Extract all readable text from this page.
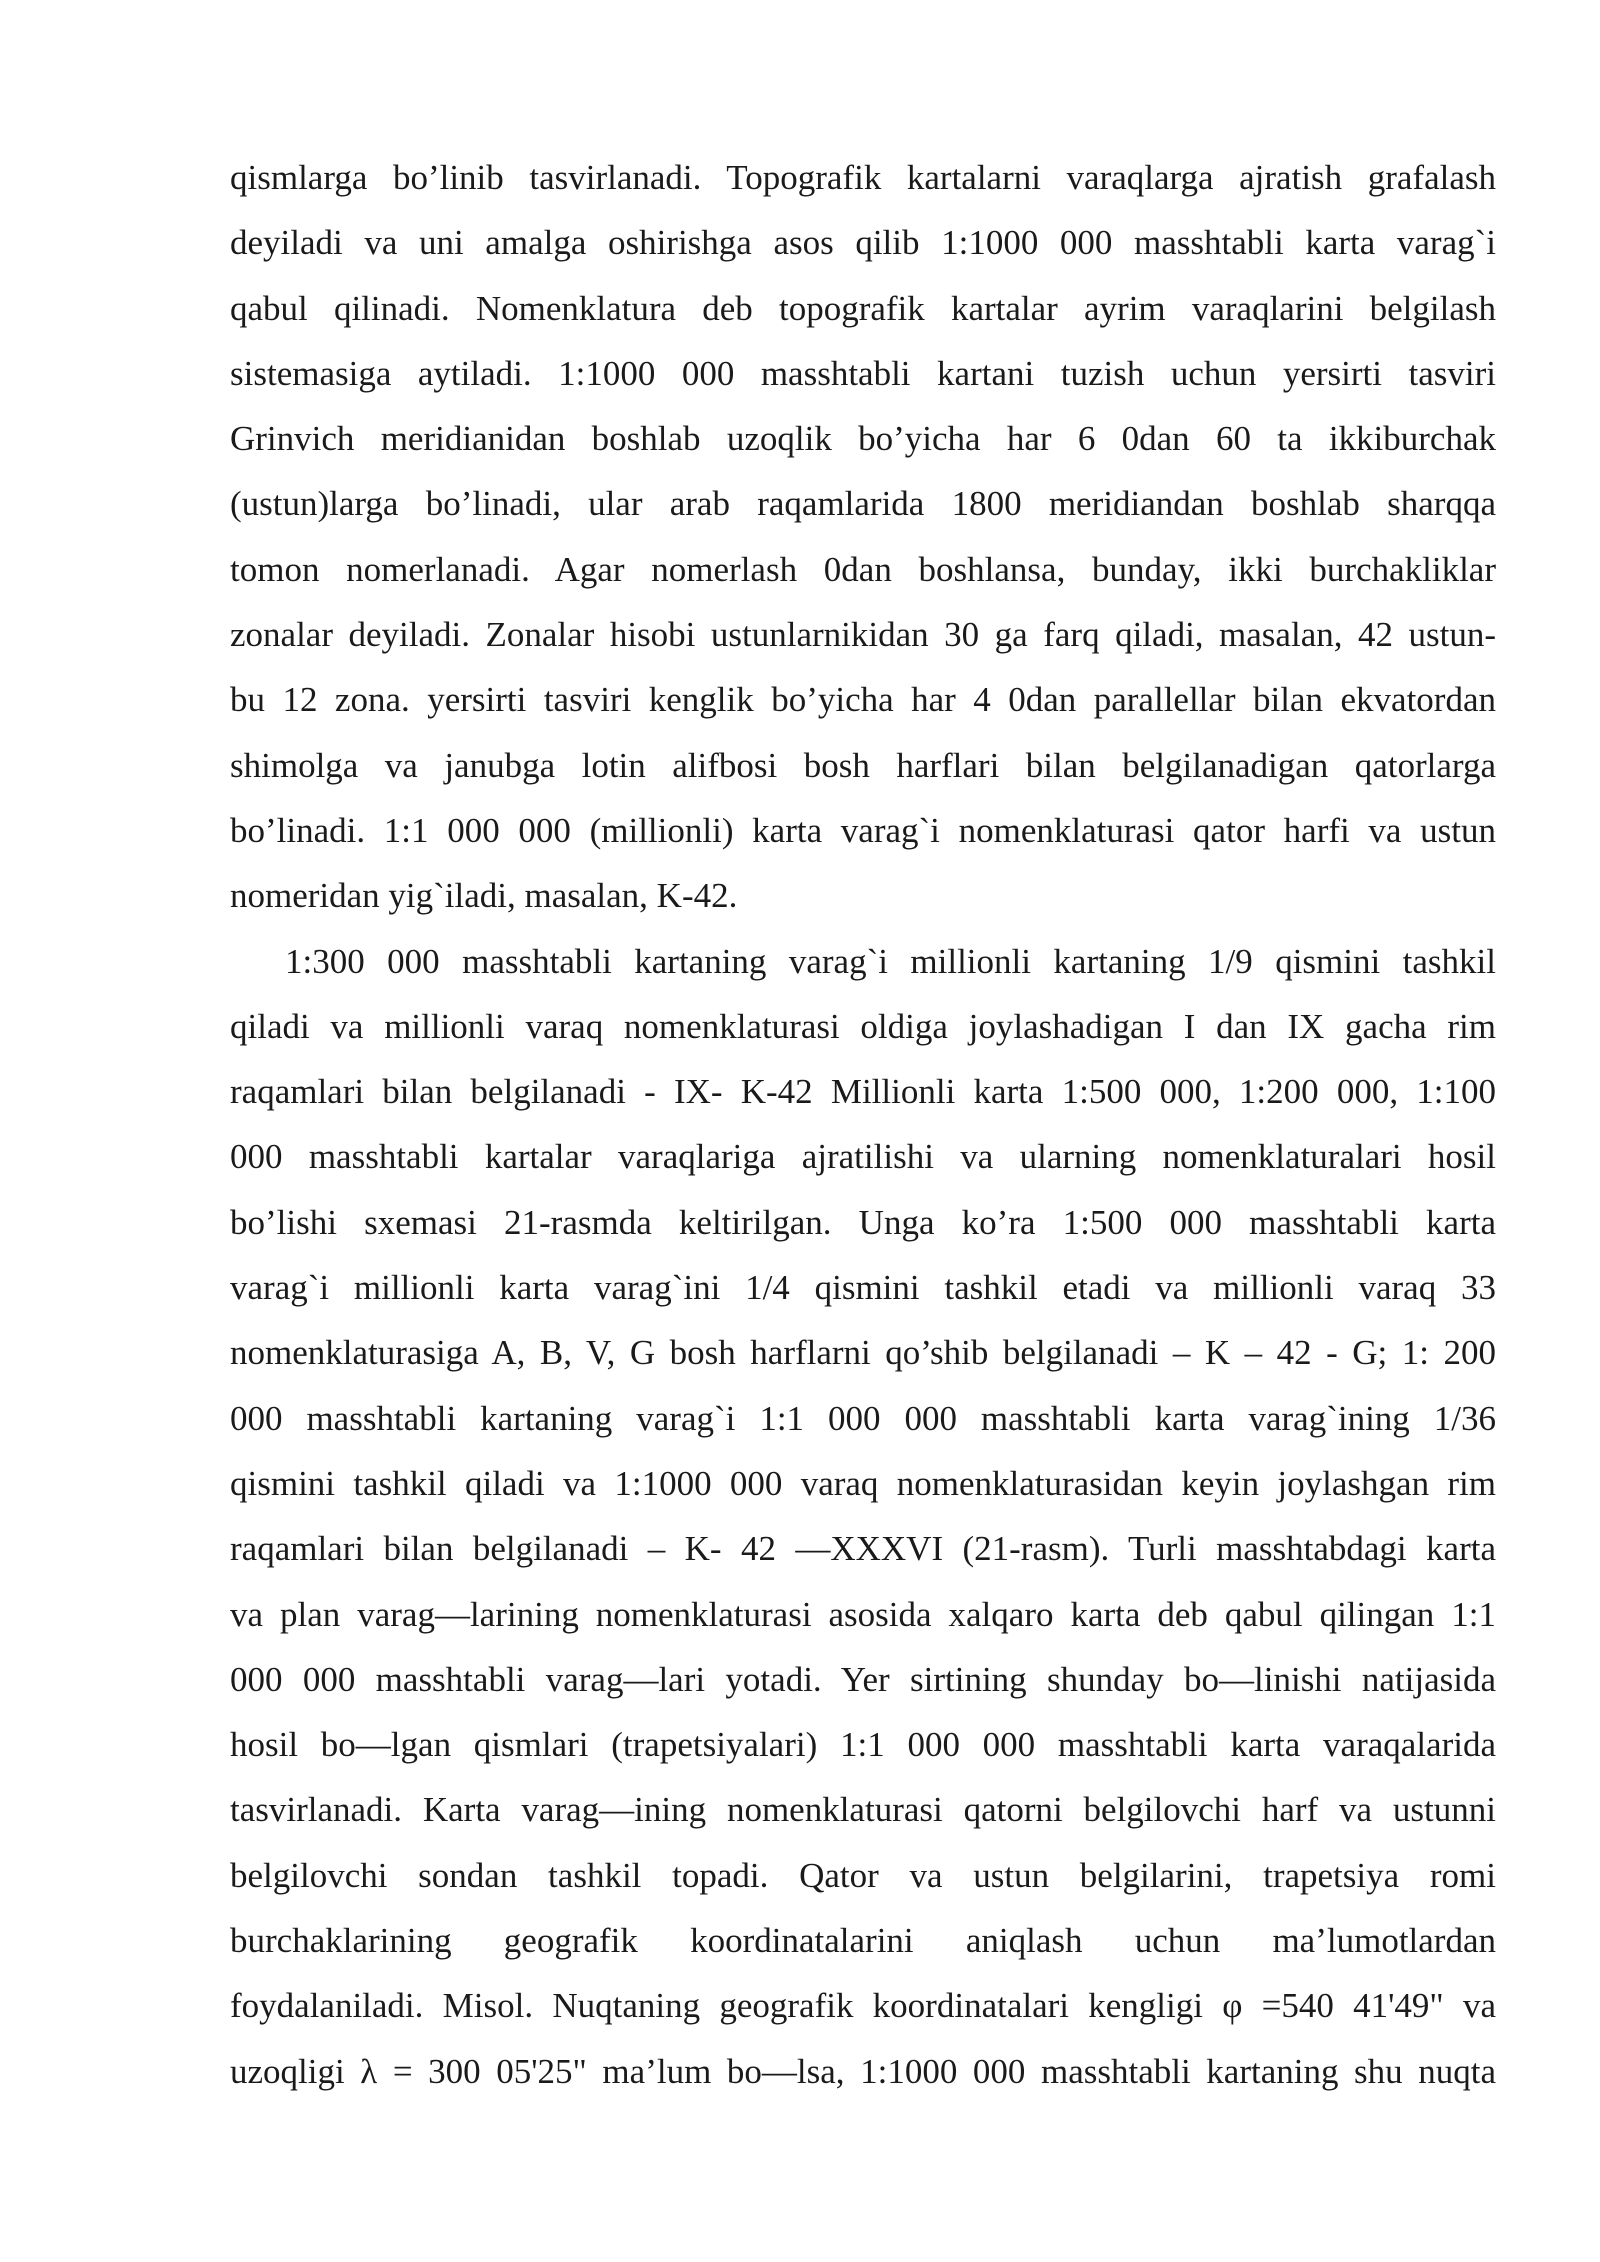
qismlarga bo’linib tasvirlanadi. Topografik kartalarni varaqlarga ajratish grafalash
deyiladi va uni amalga oshirishga asos qilib 1:1000 000 masshtabli karta varag`i
qabul qilinadi. Nomenklatura deb topografik kartalar ayrim varaqlarini belgilash
sistemasiga aytiladi. 1:1000 000 masshtabli kartani tuzish uchun yersirti tasviri
Grinvich meridianidan boshlab uzoqlik bo’yicha har 6 0dan 60 ta ikkiburchak
(ustun)larga bo’linadi, ular arab raqamlarida 1800 meridiandan boshlab sharqqa
tomon nomerlanadi. Agar nomerlash 0dan boshlansa, bunday, ikki burchakliklar
zonalar deyiladi. Zonalar hisobi ustunlarnikidan 30 ga farq qiladi, masalan, 42 ustun-
bu 12 zona. yersirti tasviri kenglik bo’yicha har 4 0dan parallellar bilan ekvatordan
shimolga va janubga lotin alifbosi bosh harflari bilan belgilanadigan qatorlarga
bo’linadi. 1:1 000 000 (millionli) karta varag`i nomenklaturasi qator harfi va ustun
nomeridan yig`iladi, masalan, K-42.
1:300 000 masshtabli kartaning varag`i millionli kartaning 1/9 qismini tashkil
qiladi va millionli varaq nomenklaturasi oldiga joylashadigan I dan IX gacha rim
raqamlari bilan belgilanadi - IX- K-42 Millionli karta 1:500 000, 1:200 000, 1:100
000 masshtabli kartalar varaqlariga ajratilishi va ularning nomenklaturalari hosil
bo’lishi sxemasi 21-rasmda keltirilgan. Unga ko’ra 1:500 000 masshtabli karta
varag`i millionli karta varag`ini 1/4 qismini tashkil etadi va millionli varaq 33
nomenklaturasiga A, B, V, G bosh harflarni qo’shib belgilanadi – K – 42 - G; 1: 200
000 masshtabli kartaning varag`i 1:1 000 000 masshtabli karta varag`ining 1/36
qismini tashkil qiladi va 1:1000 000 varaq nomenklaturasidan keyin joylashgan rim
raqamlari bilan belgilanadi – K- 42 —XXXVI (21-rasm). Turli masshtabdagi karta
va plan varag—larining nomenklaturasi asosida xalqaro karta deb qabul qilingan 1:1
000 000 masshtabli varag—lari yotadi. Yer sirtining shunday bo—linishi natijasida
hosil bo—lgan qismlari (trapetsiyalari) 1:1 000 000 masshtabli karta varaqalarida
tasvirlanadi. Karta varag—ining nomenklaturasi qatorni belgilovchi harf va ustunni
belgilovchi sondan tashkil topadi. Qator va ustun belgilarini, trapetsiya romi
burchaklarining geografik koordinatalarini aniqlash uchun ma’lumotlardan
foydalaniladi. Misol. Nuqtaning geografik koordinatalari kengligi φ =540 41'49" va
uzoqligi λ = 300 05'25" ma’lum bo—lsa, 1:1000 000 masshtabli kartaning shu nuqta
